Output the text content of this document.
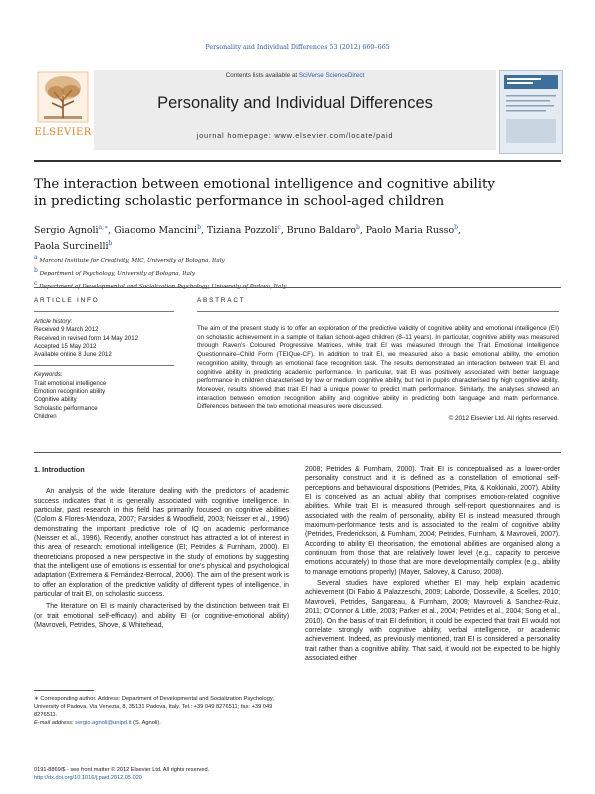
Personality and Individual Differences 53 (2012) 660–665
ELSEVIER
Contents lists available at SciVerse ScienceDirect
Personality and Individual Differences
journal homepage: www.elsevier.com/locate/paid
The interaction between emotional intelligence and cognitive ability
in predicting scholastic performance in school-aged children
Sergio Agnoli$^{a,∗}$, Giacomo Mancini$^b$, Tiziana Pozzoli$^c$, Bruno Baldaro$^b$, Paolo Maria Russo$^b$,
Paola Surcinelli$^b$
$^a$ Marconi Institute for Creativity, MIC, University of Bologna, Italy
$^b$ Department of Psychology, University of Bologna, Italy
$^c$ Department of Developmental and Socialization Psychology, University of Padova, Italy
ARTICLE INFO
Article history:
Received 9 March 2012
Received in revised form 14 May 2012
Accepted 15 May 2012
Available online 8 June 2012
Keywords:
Trait emotional intelligence
Emotion recognition ability
Cognitive ability
Scholastic performance
Children
ABSTRACT
The aim of the present study is to offer an exploration of the predictive validity of cognitive ability and emotional intelligence (EI) on scholastic achievement in a sample of Italian school-aged children (8–11 years). In particular, cognitive ability was measured through Raven's Coloured Progressive Matrices, while trait EI was measured through the Trait Emotional Intelligence Questionnaire–Child Form (TEIQue-CF). In addition to trait EI, we measured also a basic emotional ability, the emotion recognition ability, through an emotional face recognition task. The results demonstrated an interaction between trait EI and cognitive ability in predicting academic performance. In particular, trait EI was positively associated with better language performance in children characterised by low or medium cognitive ability, but not in pupils characterised by high cognitive ability. Moreover, results showed that trait EI had a unique power to predict math performance. Similarly, the analyses showed an interaction between emotion recognition ability and cognitive ability in predicting both language and math performance. Differences between the two emotional measures were discussed.
© 2012 Elsevier Ltd. All rights reserved.
1. Introduction

An analysis of the wide literature dealing with the predictors of academic success indicates that it is generally associated with cognitive intelligence. In particular, past research in this field has primarily focused on cognitive abilities (Colom & Flores-Mendoza, 2007; Farsides & Woodfield, 2003; Neisser et al., 1996) demonstrating the important predictive role of IQ on academic performance (Neisser et al., 1996). Recently, another construct has attracted a lot of interest in this area of research: emotional intelligence (EI; Petrides & Furnham, 2000). EI theoreticians proposed a new perspective in the study of emotions by suggesting that the intelligent use of emotions is essential for one's physical and psychological adaptation (Extremera & Fernández-Berrocal, 2006). The aim of the present work is to offer an exploration of the predictive validity of different types of intelligence, in particular of trait EI, on scholastic success.

The literature on EI is mainly characterised by the distinction between trait EI (or trait emotional self-efficacy) and ability EI (or cognitive-emotional ability) (Mavroveli, Petrides, Shove, & Whitehead,

∗ Corresponding author. Address: Department of Developmental and Socialization Psychology, University of Padova, Via Venezia, 8, 35131 Padova, Italy. Tel.: +39 049 8276511; fax: +39 049 8276511.
E-mail address: sergio.agnoli@unipd.it (S. Agnoli).
0191-8869/$ - see front matter © 2012 Elsevier Ltd. All rights reserved.
http://dx.doi.org/10.1016/j.paid.2012.05.020

2008; Petrides & Furnham, 2000). Trait EI is conceptualised as a lower-order personality construct and it is defined as a constellation of emotional self-perceptions and behavioural dispositions (Petrides, Pita, & Kokkinaki, 2007). Ability EI is conceived as an actual ability that comprises emotion-related cognitive abilities. While trait EI is measured through self-report questionnaires and is associated with the realm of personality, ability EI is instead measured through maximum-performance tests and is associated to the realm of cognitive ability (Petrides, Frederickson, & Furnham, 2004; Petrides, Furnham, & Mavroveli, 2007). According to ability EI theorisation, the emotional abilities are organised along a continuum from those that are relatively lower level (e.g., capacity to perceive emotions accurately) to those that are more developmentally complex (e.g., ability to manage emotions properly) (Mayer, Salovey, & Caruso, 2008).

Several studies have explored whether EI may help explain academic achievement (Di Fabio & Palazzeschi, 2009; Laborde, Dosseville, & Scelles, 2010; Mavroveli, Petrides, Sangareau, & Furnham, 2009; Mavroveli & Sanchez-Ruiz, 2011; O'Connor & Little, 2003; Parker et al., 2004; Petrides et al., 2004; Song et al., 2010). On the basis of trait EI definition, it could be expected that trait EI would not correlate strongly with cognitive ability, verbal intelligence, or academic achievement. Indeed, as previously mentioned, trait EI is considered a personality trait rather than a cognitive ability. That said, it would not be expected to be highly associated either
